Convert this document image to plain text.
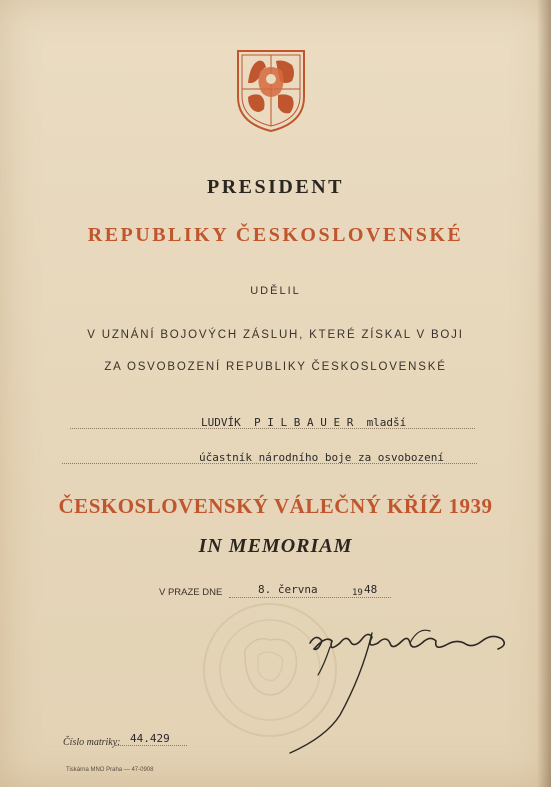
PRESIDENT
REPUBLIKY ČESKOSLOVENSKÉ
UDĚLIL
V UZNÁNÍ BOJOVÝCH ZÁSLUH, KTERÉ ZÍSKAL V BOJI
ZA OSVOBOZENÍ REPUBLIKY ČESKOSLOVENSKÉ
LUDVÍK  P I L B A U E R  mladší
účastník národního boje za osvobození
ČESKOSLOVENSKÝ VÁLEČNÝ KŘÍŽ 1939
IN MEMORIAM
V PRAZE DNE	8. června	19 48
Číslo matriky: 44.429
Tiskárna MNO Praha — 47-0908
